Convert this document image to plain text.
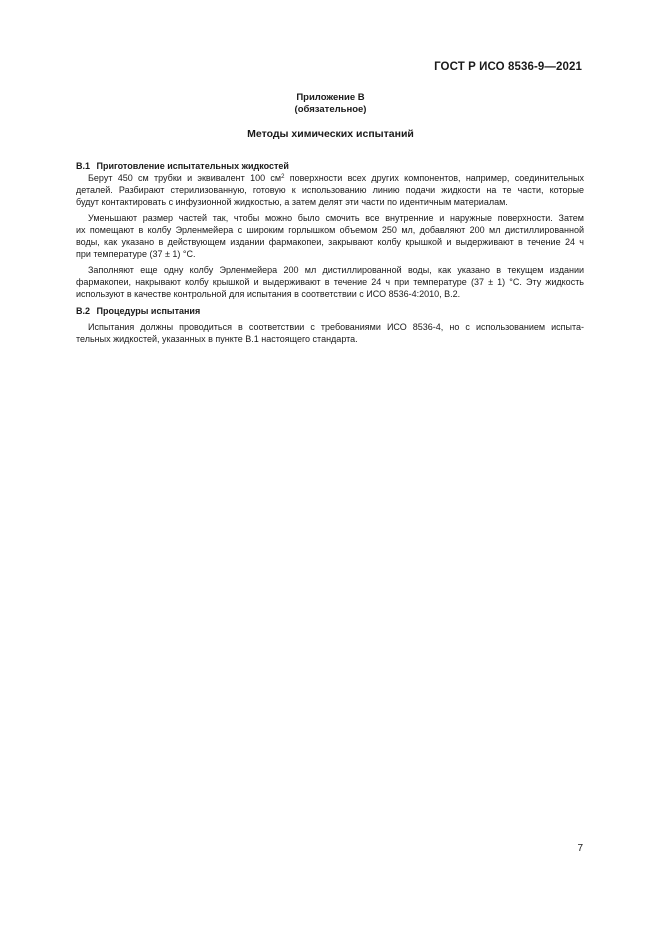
ГОСТ Р ИСО 8536-9—2021
Приложение В
(обязательное)
Методы химических испытаний

В.1 Приготовление испытательных жидкостей

Берут 450 см трубки и эквивалент 100 $см^2$ поверхности всех других компонентов, например, соединительных
деталей. Разбирают стерилизованную, готовую к использованию линию подачи жидкости на те части, которые
будут контактировать с инфузионной жидкостью, а затем делят эти части по идентичным материалам.

Уменьшают размер частей так, чтобы можно было смочить все внутренние и наружные поверхности. Затем
их помещают в колбу Эрленмейера с широким горлышком объемом 250 мл, добавляют 200 мл дистиллированной
воды, как указано в действующем издании фармакопеи, закрывают колбу крышкой и выдерживают в течение 24 ч
при температуре (37 ± 1) °С.

Заполняют еще одну колбу Эрленмейера 200 мл дистиллированной воды, как указано в текущем издании
фармакопеи, накрывают колбу крышкой и выдерживают в течение 24 ч при температуре (37 ± 1) °С. Эту жидкость
используют в качестве контрольной для испытания в соответствии с ИСО 8536-4:2010, В.2.

В.2 Процедуры испытания

Испытания должны проводиться в соответствии с требованиями ИСО 8536-4, но с использованием испыта-
тельных жидкостей, указанных в пункте В.1 настоящего стандарта.

7
